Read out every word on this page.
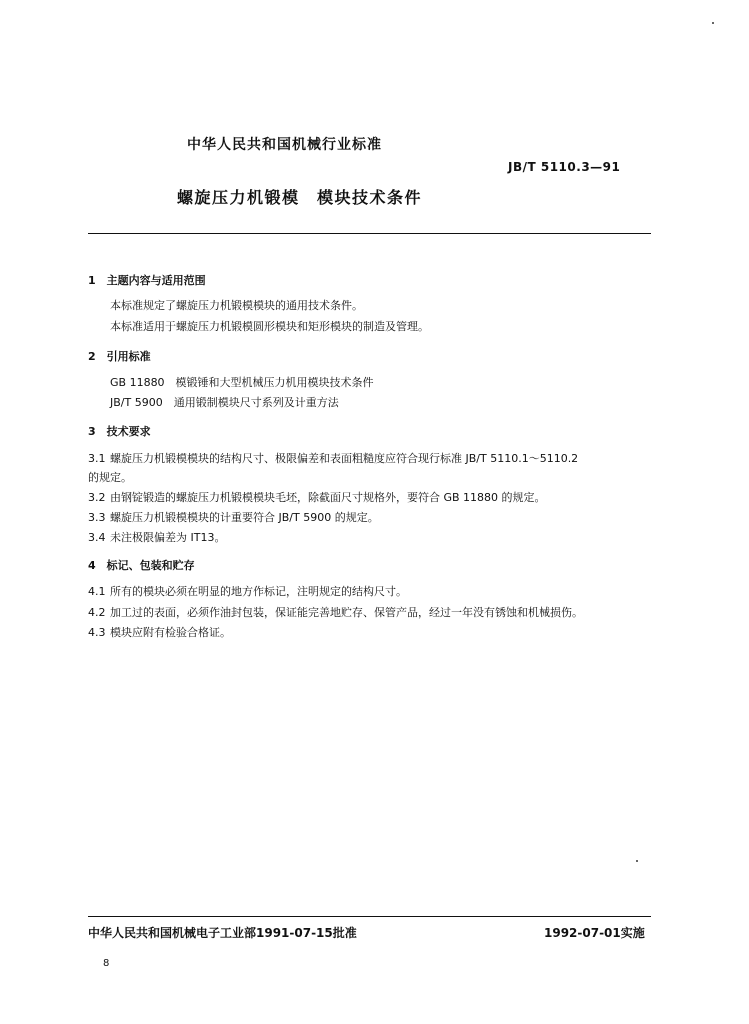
中华人民共和国机械行业标准
JB/T 5110.3—91
螺旋压力机锻模　模块技术条件
1　主题内容与适用范围
本标准规定了螺旋压力机锻模模块的通用技术条件。
本标准适用于螺旋压力机锻模圆形模块和矩形模块的制造及管理。
2　引用标准
GB 11880　模锻锤和大型机械压力机用模块技术条件
JB/T 5900　通用锻制模块尺寸系列及计重方法
3　技术要求
3.1 螺旋压力机锻模模块的结构尺寸、极限偏差和表面粗糙度应符合现行标准 JB/T 5110.1～5110.2
的规定。
3.2 由钢锭锻造的螺旋压力机锻模模块毛坯，除截面尺寸规格外，要符合 GB 11880 的规定。
3.3 螺旋压力机锻模模块的计重要符合 JB/T 5900 的规定。
3.4 未注极限偏差为 IT13。
4　标记、包装和贮存
4.1 所有的模块必须在明显的地方作标记，注明规定的结构尺寸。
4.2 加工过的表面，必须作油封包装，保证能完善地贮存、保管产品，经过一年没有锈蚀和机械损伤。
4.3 模块应附有检验合格证。
中华人民共和国机械电子工业部1991-07-15批准	1992-07-01实施
8
